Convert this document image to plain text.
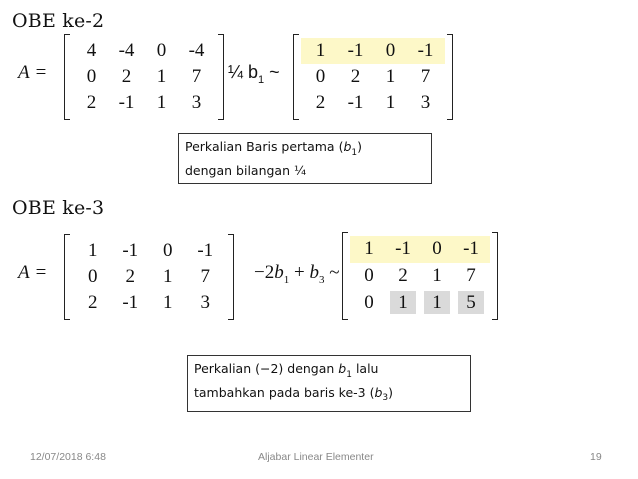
OBE ke-2
A =
4	-4	0	-4
0	2	1	7
2	-1	1	3
¼ $b_1$ ~
1	-1	0	-1
0	2	1	7
2	-1	1	3
Perkalian Baris pertama $(b_1)$
dengan bilangan ¼
OBE ke-3
A =
1	-1	0	-1
0	2	1	7
2	-1	1	3
$-2b_1 + b_3$ ~
1	-1	0	-1
0	2	1	7
0	1	1	5
Perkalian (−2) dengan $b_1$ lalu
tambahkan pada baris ke-3 $(b_3)$
12/07/2018 6:48	Aljabar Linear Elementer	19
